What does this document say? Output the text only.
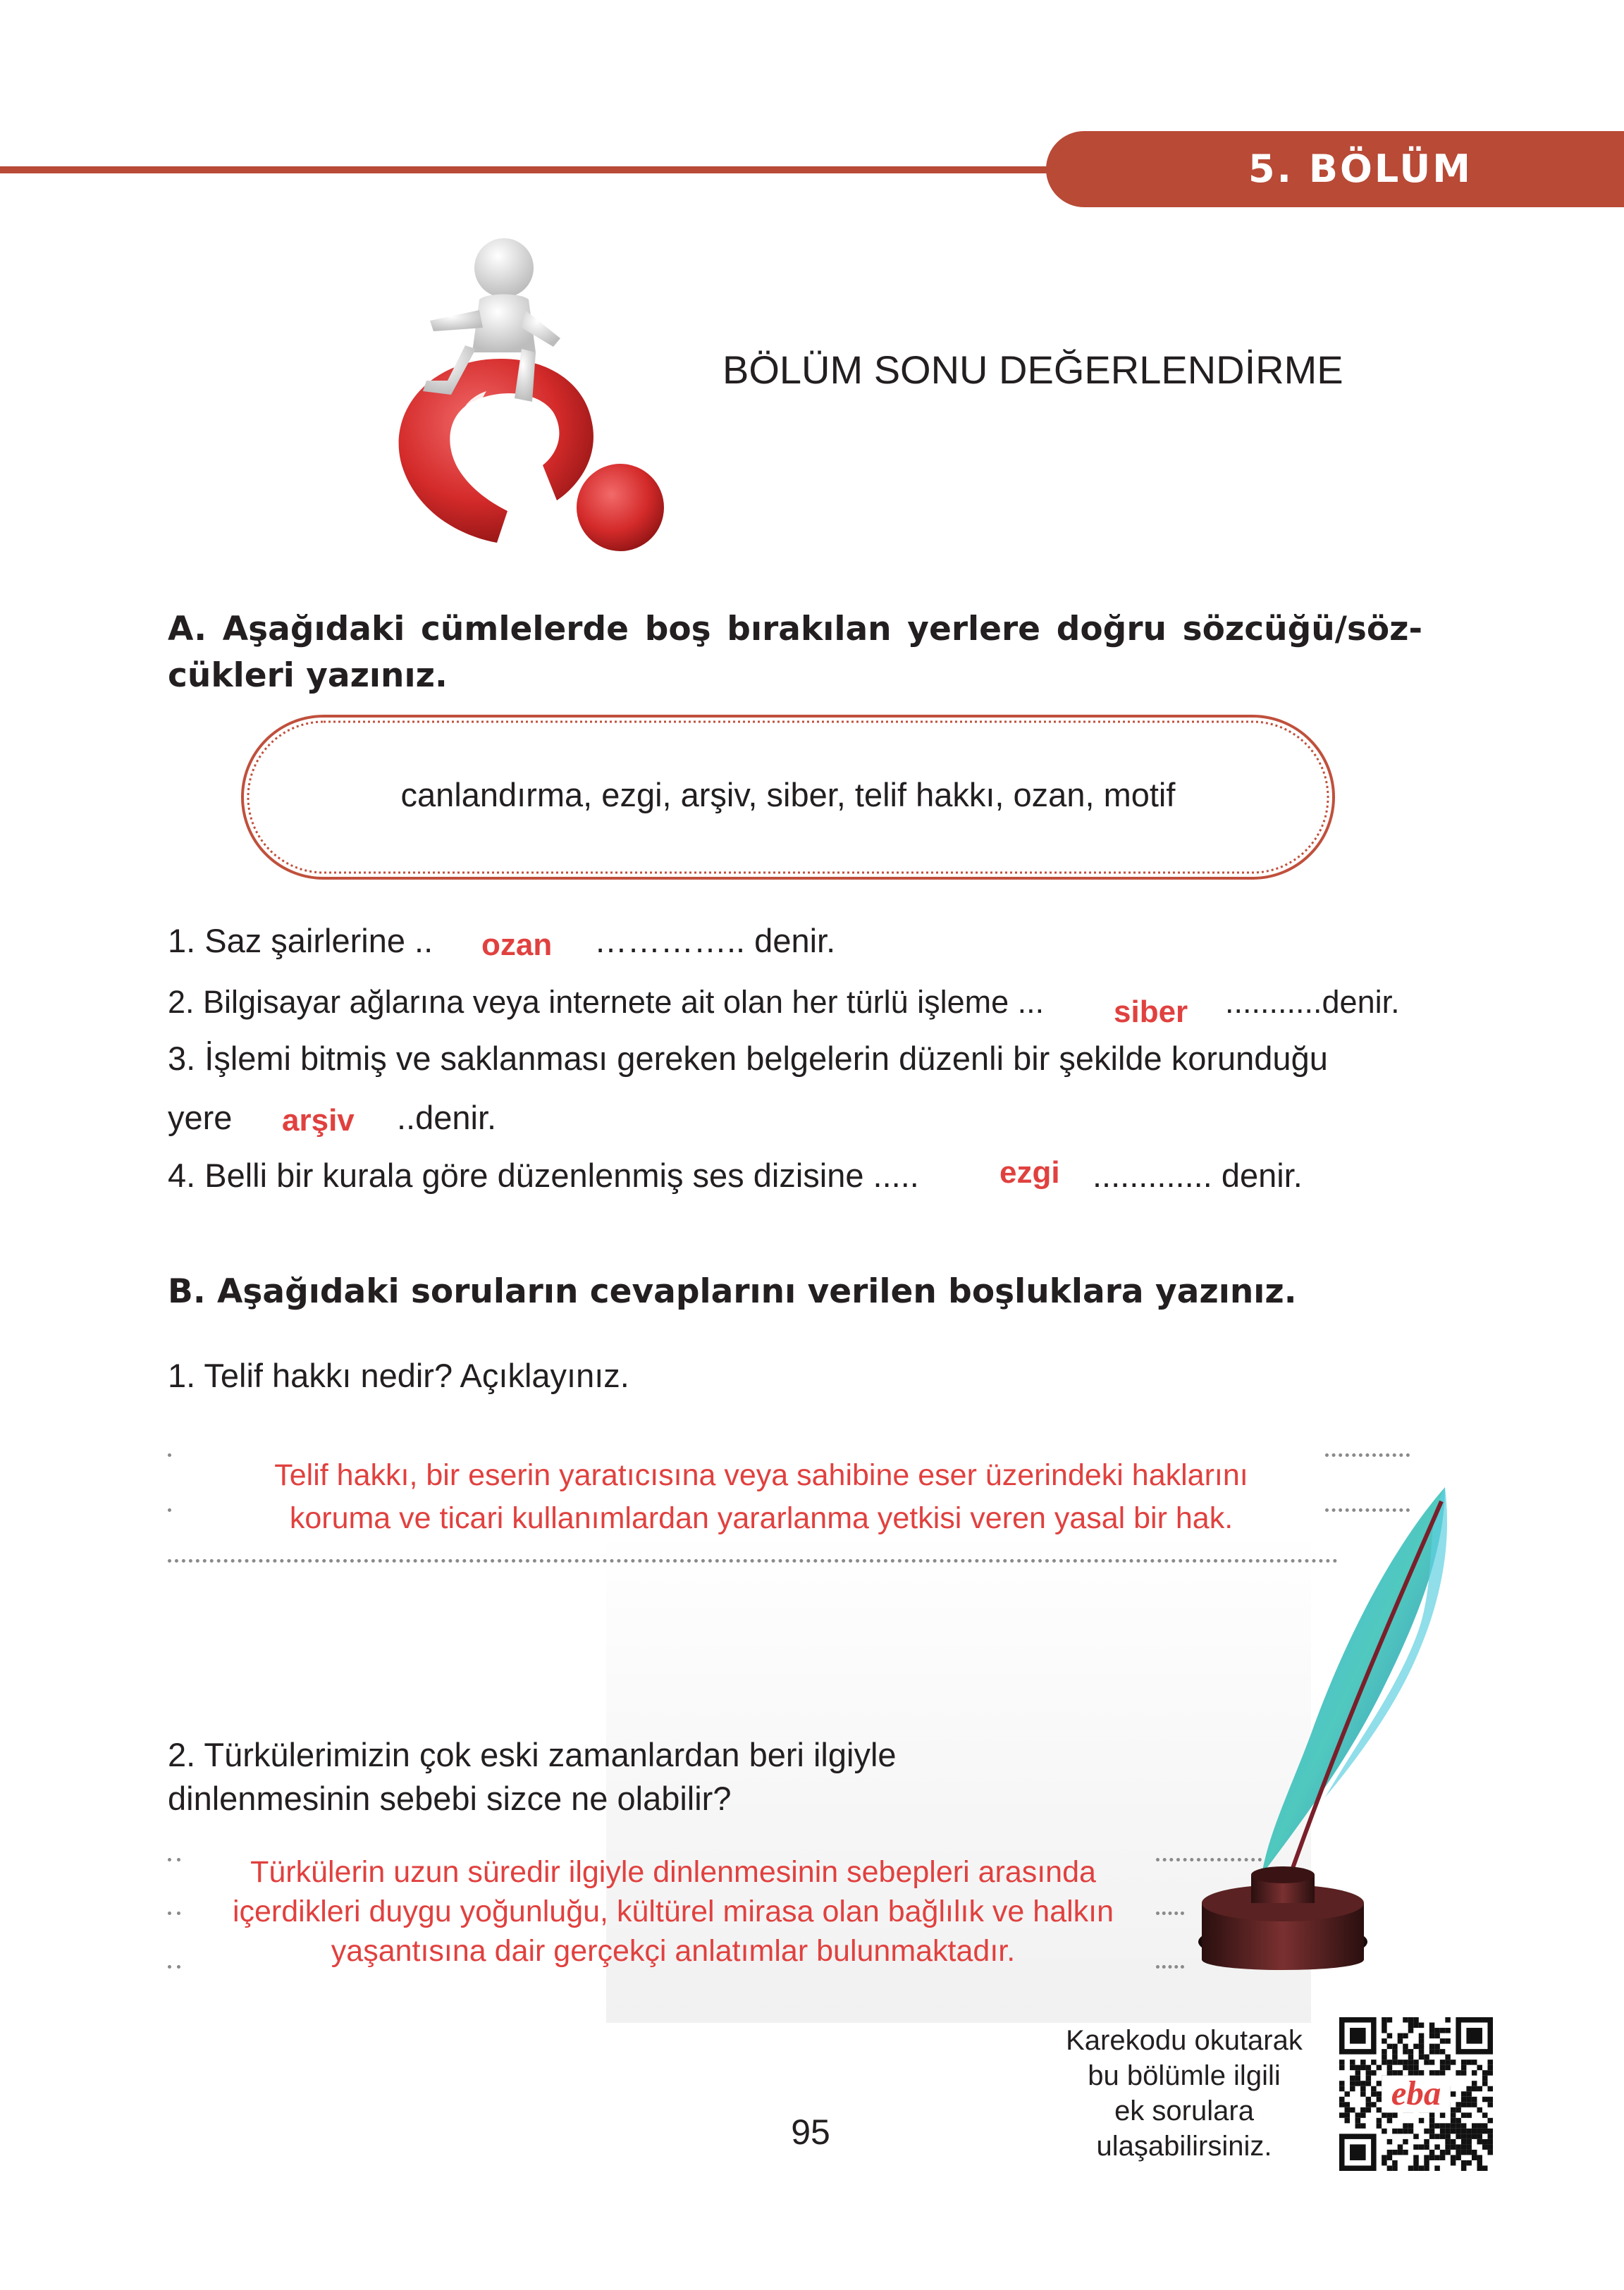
5. BÖLÜM
BÖLÜM SONU DEĞERLENDİRME
A. Aşağıdaki cümlelerde boş bırakılan yerlere doğru sözcüğü/söz-cükleri yazınız.
canlandırma, ezgi, arşiv, siber, telif hakkı, ozan, motif
1. Saz şairlerine .. ozan ………….. denir.
2. Bilgisayar ağlarına veya internete ait olan her türlü işleme ... siber ...........denir.
3. İşlemi bitmiş ve saklanması gereken belgelerin düzenli bir şekilde korunduğu
yere arşiv ..denir.
4. Belli bir kurala göre düzenlenmiş ses dizisine .....	ezgi ............. denir.
B. Aşağıdaki soruların cevaplarını verilen boşluklara yazınız.
1. Telif hakkı nedir? Açıklayınız.
Telif hakkı, bir eserin yaratıcısına veya sahibine eser üzerindeki haklarını
koruma ve ticari kullanımlardan yararlanma yetkisi veren yasal bir hak.
2. Türkülerimizin çok eski zamanlardan beri ilgiyle
dinlenmesinin sebebi sizce ne olabilir?
Türkülerin uzun süredir ilgiyle dinlenmesinin sebepleri arasında
içerdikleri duygu yoğunluğu, kültürel mirasa olan bağlılık ve halkın
yaşantısına dair gerçekçi anlatımlar bulunmaktadır.
95
Karekodu okutarak
bu bölümle ilgili
ek sorulara
ulaşabilirsiniz.
eba
